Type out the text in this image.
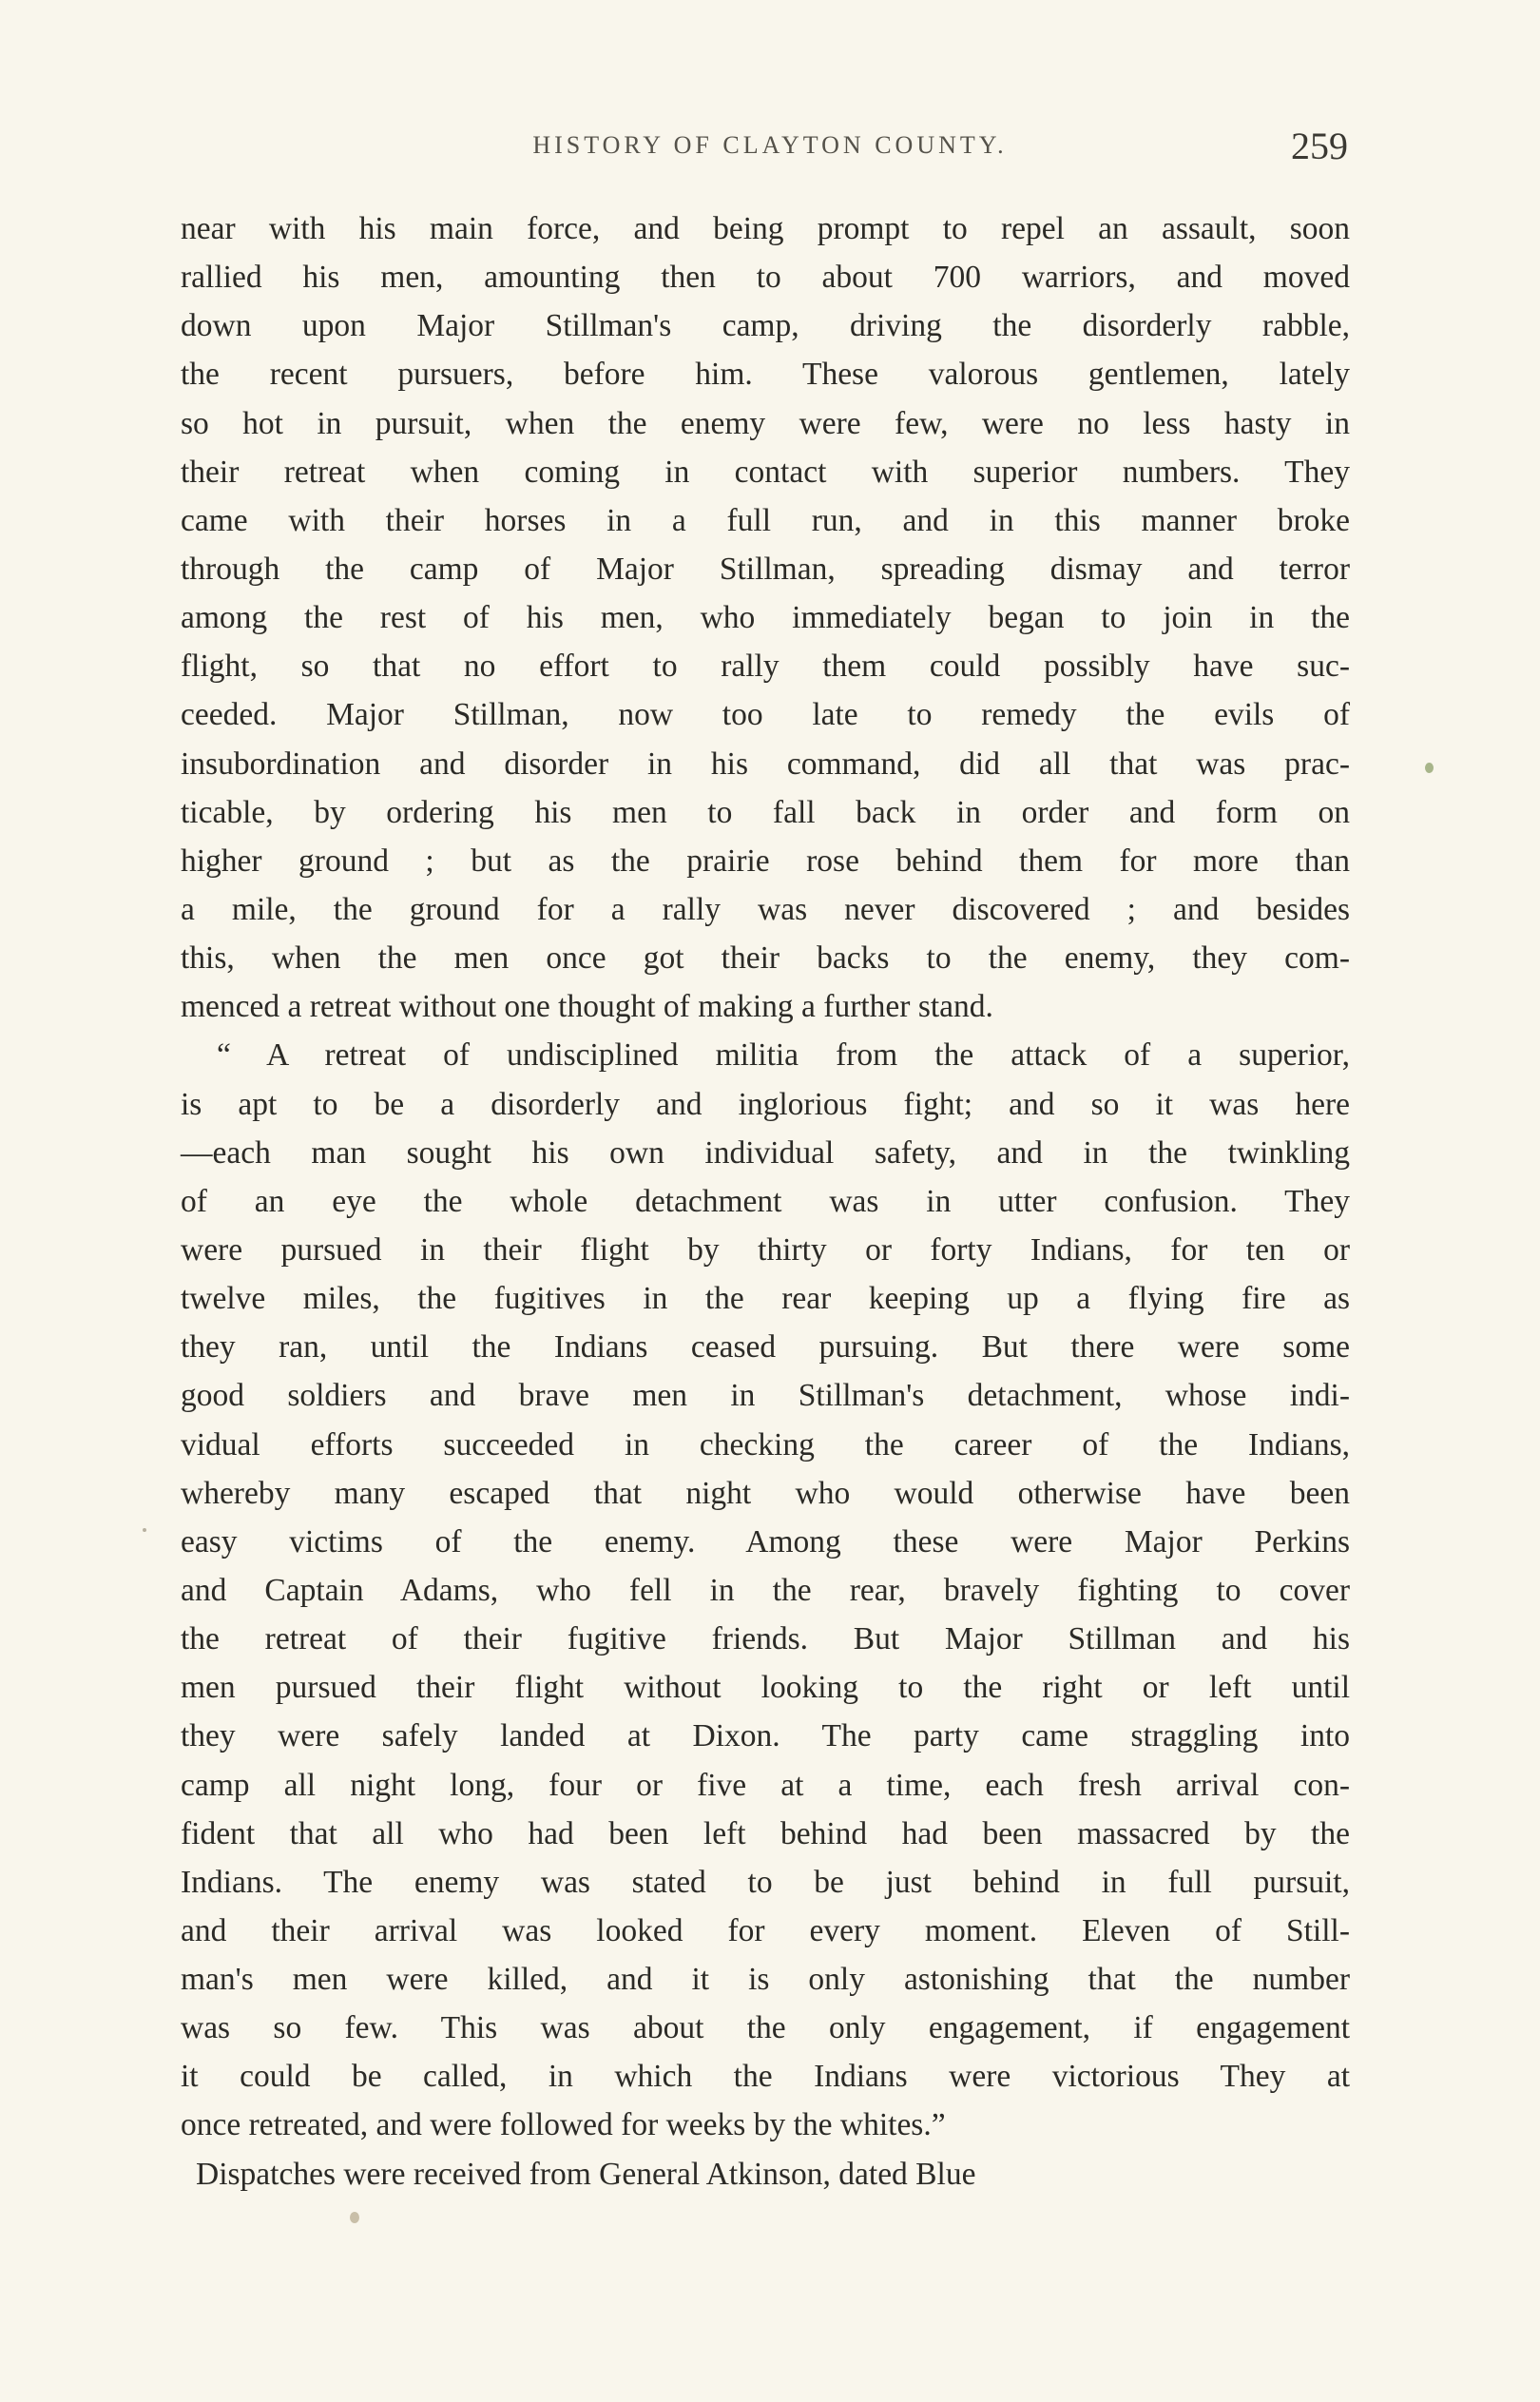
HISTORY OF CLAYTON COUNTY.	259
near with his main force, and being prompt to repel an assault, soon
rallied his men, amounting then to about 700 warriors, and moved
down upon Major Stillman's camp, driving the disorderly rabble,
the recent pursuers, before him. These valorous gentlemen, lately
so hot in pursuit, when the enemy were few, were no less hasty in
their retreat when coming in contact with superior numbers. They
came with their horses in a full run, and in this manner broke
through the camp of Major Stillman, spreading dismay and terror
among the rest of his men, who immediately began to join in the
flight, so that no effort to rally them could possibly have suc-
ceeded. Major Stillman, now too late to remedy the evils of
insubordination and disorder in his command, did all that was prac-
ticable, by ordering his men to fall back in order and form on
higher ground ; but as the prairie rose behind them for more than
a mile, the ground for a rally was never discovered ; and besides
this, when the men once got their backs to the enemy, they com-
menced a retreat without one thought of making a further stand.
“ A retreat of undisciplined militia from the attack of a superior,
is apt to be a disorderly and inglorious fight; and so it was here
—each man sought his own individual safety, and in the twinkling
of an eye the whole detachment was in utter confusion. They
were pursued in their flight by thirty or forty Indians, for ten or
twelve miles, the fugitives in the rear keeping up a flying fire as
they ran, until the Indians ceased pursuing. But there were some
good soldiers and brave men in Stillman's detachment, whose indi-
vidual efforts succeeded in checking the career of the Indians,
whereby many escaped that night who would otherwise have been
easy victims of the enemy. Among these were Major Perkins
and Captain Adams, who fell in the rear, bravely fighting to cover
the retreat of their fugitive friends. But Major Stillman and his
men pursued their flight without looking to the right or left until
they were safely landed at Dixon. The party came straggling into
camp all night long, four or five at a time, each fresh arrival con-
fident that all who had been left behind had been massacred by the
Indians. The enemy was stated to be just behind in full pursuit,
and their arrival was looked for every moment. Eleven of Still-
man's men were killed, and it is only astonishing that the number
was so few. This was about the only engagement, if engagement
it could be called, in which the Indians were victorious They at
once retreated, and were followed for weeks by the whites.”
Dispatches were received from General Atkinson, dated Blue
